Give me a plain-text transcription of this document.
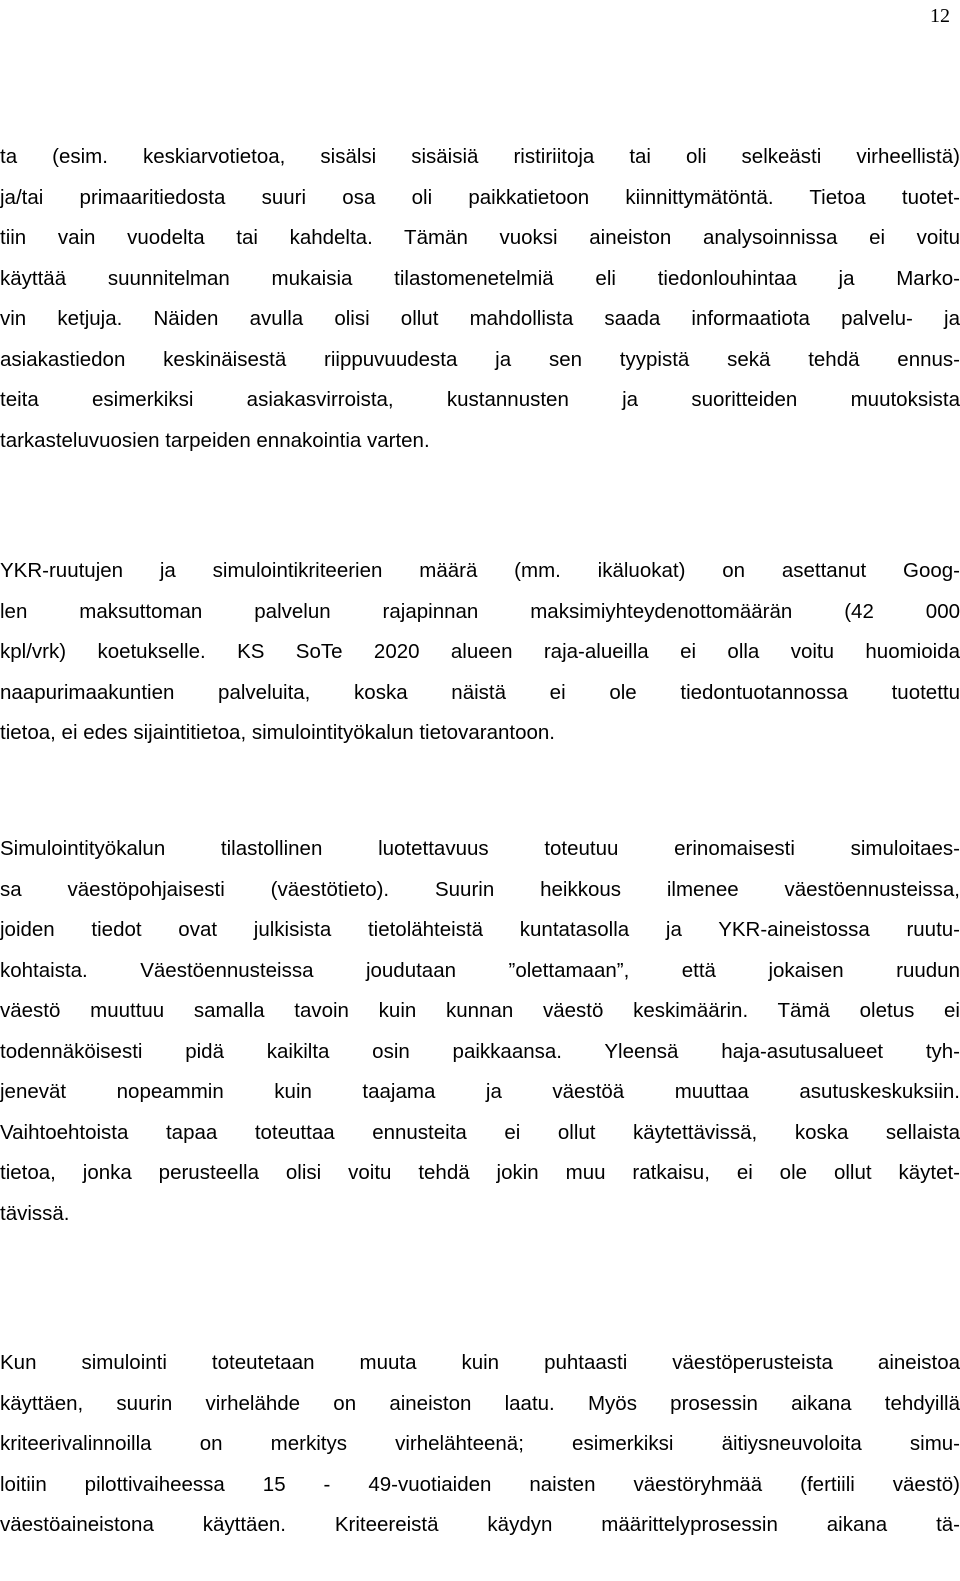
12
ta (esim. keskiarvotietoa, sisälsi sisäisiä ristiriitoja tai oli selkeästi virheellistä)
ja/tai primaaritiedosta suuri osa oli paikkatietoon kiinnittymätöntä. Tietoa tuotet-
tiin vain vuodelta tai kahdelta. Tämän vuoksi aineiston analysoinnissa ei voitu
käyttää suunnitelman mukaisia tilastomenetelmiä eli tiedonlouhintaa ja Marko-
vin ketjuja. Näiden avulla olisi ollut mahdollista saada informaatiota palvelu- ja
asiakastiedon keskinäisestä riippuvuudesta ja sen tyypistä sekä tehdä ennus-
teita esimerkiksi asiakasvirroista, kustannusten ja suoritteiden muutoksista
tarkasteluvuosien tarpeiden ennakointia varten.
YKR-ruutujen ja simulointikriteerien määrä (mm. ikäluokat) on asettanut Goog-
len maksuttoman palvelun rajapinnan maksimiyhteydenottomäärän (42 000
kpl/vrk) koetukselle. KS SoTe 2020 alueen raja-alueilla ei olla voitu huomioida
naapurimaakuntien palveluita, koska näistä ei ole tiedontuotannossa tuotettu
tietoa, ei edes sijaintitietoa, simulointityökalun tietovarantoon.
Simulointityökalun tilastollinen luotettavuus toteutuu erinomaisesti simuloitaes-
sa väestöpohjaisesti (väestötieto). Suurin heikkous ilmenee väestöennusteissa,
joiden tiedot ovat julkisista tietolähteistä kuntatasolla ja YKR-aineistossa ruutu-
kohtaista. Väestöennusteissa joudutaan ”olettamaan”, että jokaisen ruudun
väestö muuttuu samalla tavoin kuin kunnan väestö keskimäärin. Tämä oletus ei
todennäköisesti pidä kaikilta osin paikkaansa. Yleensä haja-asutusalueet tyh-
jenevät nopeammin kuin taajama ja väestöä muuttaa asutuskeskuksiin.
Vaihtoehtoista tapaa toteuttaa ennusteita ei ollut käytettävissä, koska sellaista
tietoa, jonka perusteella olisi voitu tehdä jokin muu ratkaisu, ei ole ollut käytet-
tävissä.
Kun simulointi toteutetaan muuta kuin puhtaasti väestöperusteista aineistoa
käyttäen, suurin virhelähde on aineiston laatu. Myös prosessin aikana tehdyillä
kriteerivalinnoilla on merkitys virhelähteenä; esimerkiksi äitiysneuvoloita simu-
loitiin pilottivaiheessa 15 - 49-vuotiaiden naisten väestöryhmää (fertiili väestö)
väestöaineistona käyttäen. Kriteereistä käydyn määrittelyprosessin aikana tä-
